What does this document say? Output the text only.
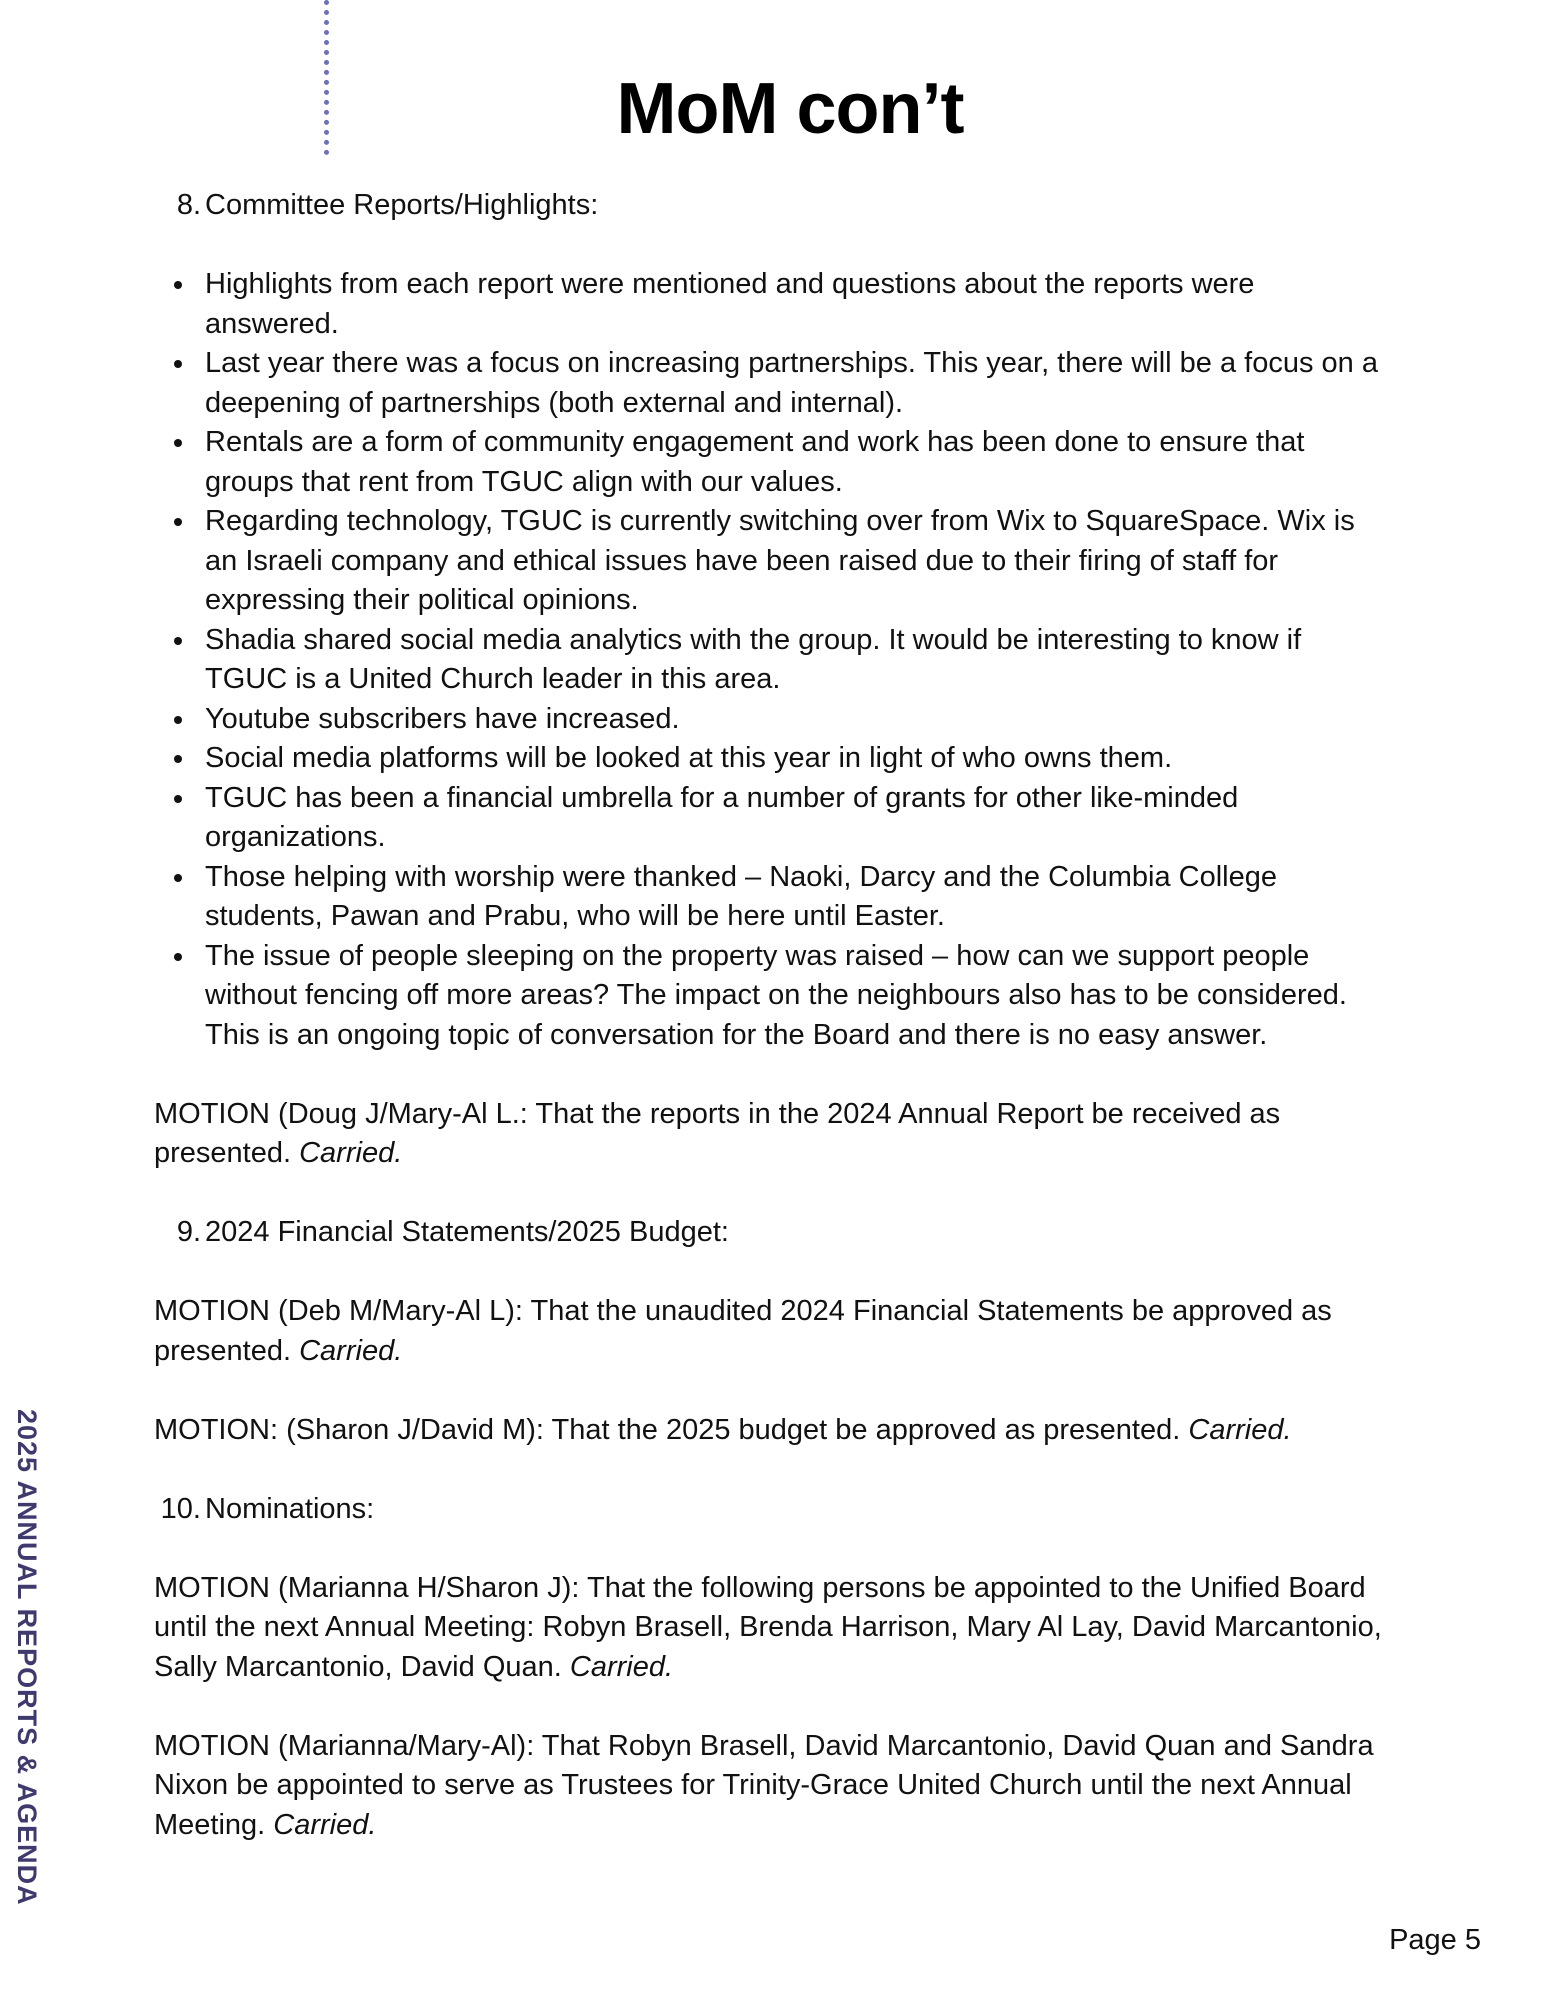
MoM con’t
8. Committee Reports/Highlights:
Highlights from each report were mentioned and questions about the reports were answered.
Last year there was a focus on increasing partnerships. This year, there will be a focus on a deepening of partnerships (both external and internal).
Rentals are a form of community engagement and work has been done to ensure that groups that rent from TGUC align with our values.
Regarding technology, TGUC is currently switching over from Wix to SquareSpace. Wix is an Israeli company and ethical issues have been raised due to their firing of staff for expressing their political opinions.
Shadia shared social media analytics with the group. It would be interesting to know if TGUC is a United Church leader in this area.
Youtube subscribers have increased.
Social media platforms will be looked at this year in light of who owns them.
TGUC has been a financial umbrella for a number of grants for other like-minded organizations.
Those helping with worship were thanked – Naoki, Darcy and the Columbia College students, Pawan and Prabu, who will be here until Easter.
The issue of people sleeping on the property was raised – how can we support people without fencing off more areas? The impact on the neighbours also has to be considered. This is an ongoing topic of conversation for the Board and there is no easy answer.

MOTION (Doug J/Mary-Al L.: That the reports in the 2024 Annual Report be received as presented. Carried.

9. 2024 Financial Statements/2025 Budget:

MOTION (Deb M/Mary-Al L): That the unaudited 2024 Financial Statements be approved as presented. Carried.

MOTION: (Sharon J/David M): That the 2025 budget be approved as presented. Carried.

10. Nominations:

MOTION (Marianna H/Sharon J): That the following persons be appointed to the Unified Board until the next Annual Meeting: Robyn Brasell, Brenda Harrison, Mary Al Lay, David Marcantonio, Sally Marcantonio, David Quan. Carried.

MOTION (Marianna/Mary-Al): That Robyn Brasell, David Marcantonio, David Quan and Sandra Nixon be appointed to serve as Trustees for Trinity-Grace United Church until the next Annual Meeting. Carried.

2025 ANNUAL REPORTS & AGENDA
Page 5
